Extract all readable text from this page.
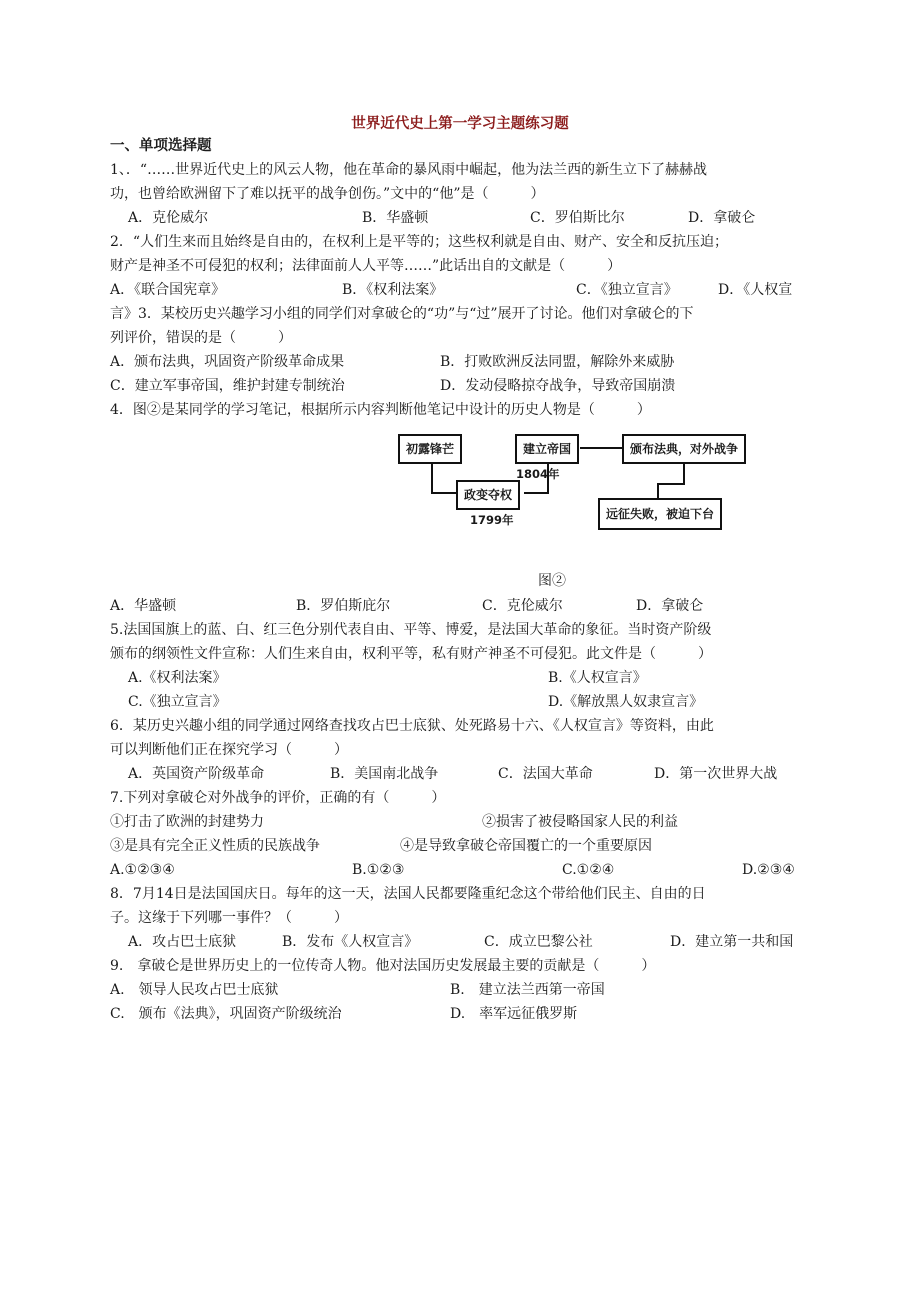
世界近代史上第一学习主题练习题
一、单项选择题
1、．“……世界近代史上的风云人物，他在革命的暴风雨中崛起，他为法兰西的新生立下了赫赫战
功，也曾给欧洲留下了难以抚平的战争创伤。”文中的“他”是（　　　）
A．克伦威尔	B．华盛顿	C．罗伯斯比尔	D．拿破仑
2．“人们生来而且始终是自由的，在权利上是平等的；这些权利就是自由、财产、安全和反抗压迫；
财产是神圣不可侵犯的权利；法律面前人人平等……”此话出自的文献是（　　　）
A．《联合国宪章》	B．《权利法案》	C．《独立宣言》	D．《人权宣
言》3．某校历史兴趣学习小组的同学们对拿破仑的“功”与“过”展开了讨论。他们对拿破仑的下
列评价，错误的是（　　　）
A．颁布法典，巩固资产阶级革命成果	B．打败欧洲反法同盟，解除外来威胁
C．建立军事帝国，维护封建专制统治	D．发动侵略掠夺战争，导致帝国崩溃
4．图②是某同学的学习笔记，根据所示内容判断他笔记中设计的历史人物是（　　　）
初露锋芒
政变夺权
建立帝国	颁布法典，对外战争
远征失败，被迫下台
1799年
1804年
图②
A．华盛顿	B．罗伯斯庇尔	C．克伦威尔	D．拿破仑
5.法国国旗上的蓝、白、红三色分别代表自由、平等、博爱，是法国大革命的象征。当时资产阶级
颁布的纲领性文件宣称：人们生来自由，权利平等，私有财产神圣不可侵犯。此文件是（　　　）
A.《权利法案》	B.《人权宣言》
C.《独立宣言》	D.《解放黑人奴隶宣言》
6．某历史兴趣小组的同学通过网络查找攻占巴士底狱、处死路易十六、《人权宣言》等资料，由此
可以判断他们正在探究学习（　　　）
A．英国资产阶级革命	B．美国南北战争	C．法国大革命	D．第一次世界大战
7.下列对拿破仑对外战争的评价，正确的有（　　　）
①打击了欧洲的封建势力	②损害了被侵略国家人民的利益
③是具有完全正义性质的民族战争	④是导致拿破仑帝国覆亡的一个重要原因
A.①②③④	B.①②③	C.①②④	D.②③④
8．7月14日是法国国庆日。每年的这一天，法国人民都要隆重纪念这个带给他们民主、自由的日
子。这缘于下列哪一事件？（　　　）
A．攻占巴士底狱	B．发布《人权宣言》	C．成立巴黎公社	D．建立第一共和国
9.　拿破仑是世界历史上的一位传奇人物。他对法国历史发展最主要的贡献是（　　　）
A.　领导人民攻占巴士底狱	B.　建立法兰西第一帝国
C.　颁布《法典》，巩固资产阶级统治	D.　率军远征俄罗斯
